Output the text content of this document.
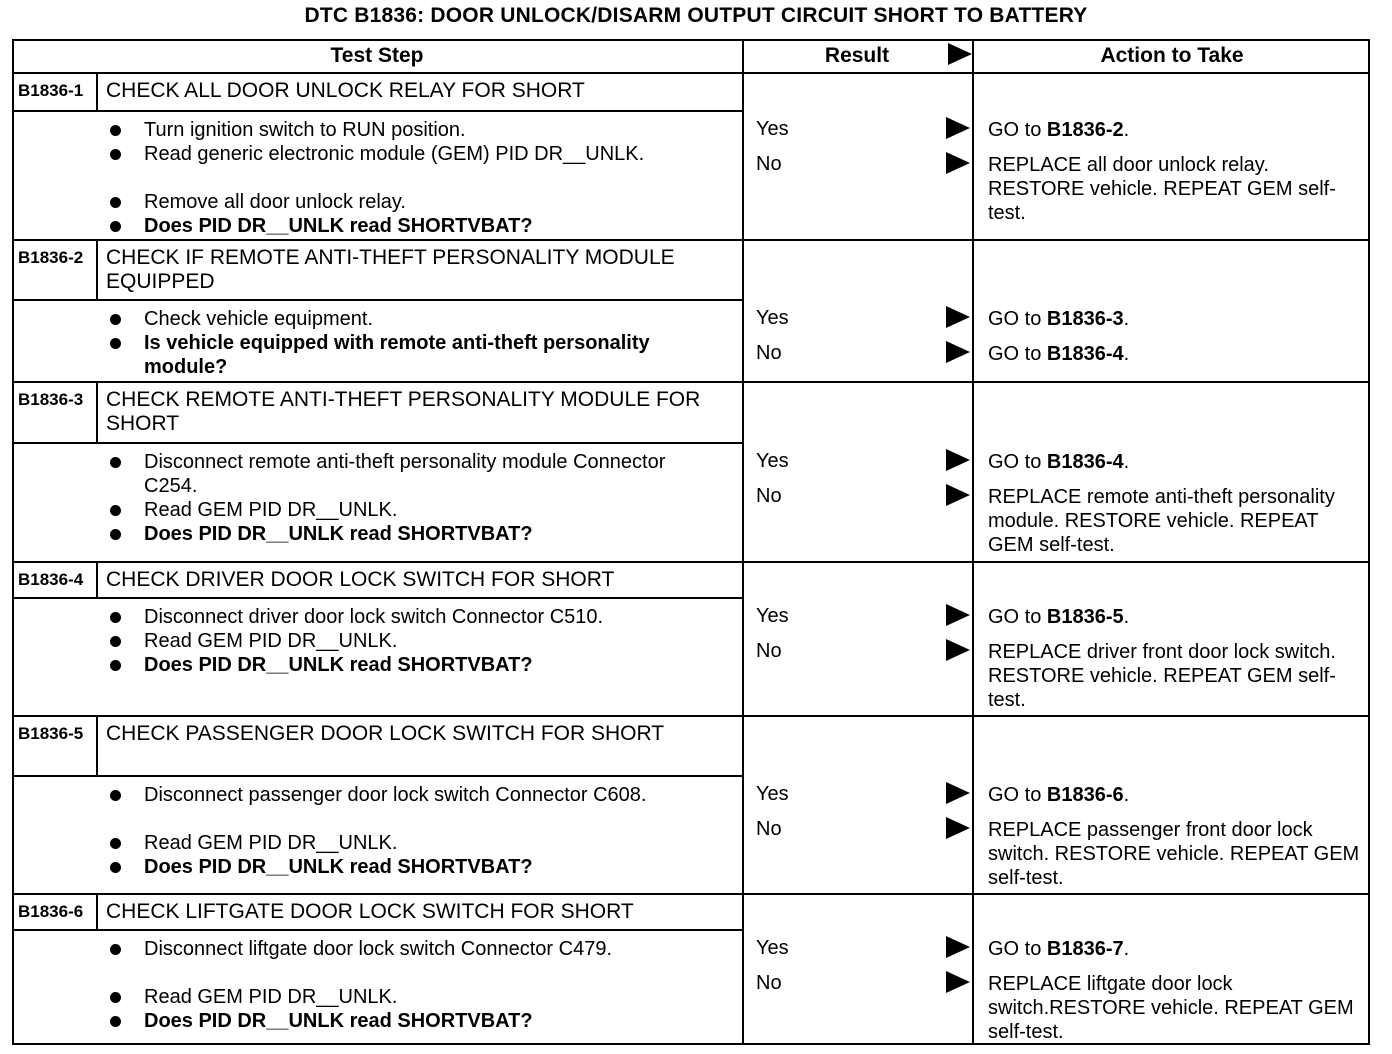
DTC B1836: DOOR UNLOCK/DISARM OUTPUT CIRCUIT SHORT TO BATTERY
Test Step	Result	Action to Take
B1836-1 CHECK ALL DOOR UNLOCK RELAY FOR SHORT
Turn ignition switch to RUN position.
Read generic electronic module (GEM) PID DR__UNLK.
Remove all door unlock relay.
Does PID DR__UNLK read SHORTVBAT?
Yes	GO to B1836-2.
No	REPLACE all door unlock relay. RESTORE vehicle. REPEAT GEM self-test.
B1836-2 CHECK IF REMOTE ANTI-THEFT PERSONALITY MODULE EQUIPPED
Check vehicle equipment.
Is vehicle equipped with remote anti-theft personality module?
Yes	GO to B1836-3.
No	GO to B1836-4.
B1836-3 CHECK REMOTE ANTI-THEFT PERSONALITY MODULE FOR SHORT
Disconnect remote anti-theft personality module Connector C254.
Read GEM PID DR__UNLK.
Does PID DR__UNLK read SHORTVBAT?
Yes	GO to B1836-4.
No	REPLACE remote anti-theft personality module. RESTORE vehicle. REPEAT GEM self-test.
B1836-4 CHECK DRIVER DOOR LOCK SWITCH FOR SHORT
Disconnect driver door lock switch Connector C510.
Read GEM PID DR__UNLK.
Does PID DR__UNLK read SHORTVBAT?
Yes	GO to B1836-5.
No	REPLACE driver front door lock switch. RESTORE vehicle. REPEAT GEM self-test.
B1836-5 CHECK PASSENGER DOOR LOCK SWITCH FOR SHORT
Disconnect passenger door lock switch Connector C608.
Read GEM PID DR__UNLK.
Does PID DR__UNLK read SHORTVBAT?
Yes	GO to B1836-6.
No	REPLACE passenger front door lock switch. RESTORE vehicle. REPEAT GEM self-test.
B1836-6 CHECK LIFTGATE DOOR LOCK SWITCH FOR SHORT
Disconnect liftgate door lock switch Connector C479.
Read GEM PID DR__UNLK.
Does PID DR__UNLK read SHORTVBAT?
Yes	GO to B1836-7.
No	REPLACE liftgate door lock switch.RESTORE vehicle. REPEAT GEM self-test.
